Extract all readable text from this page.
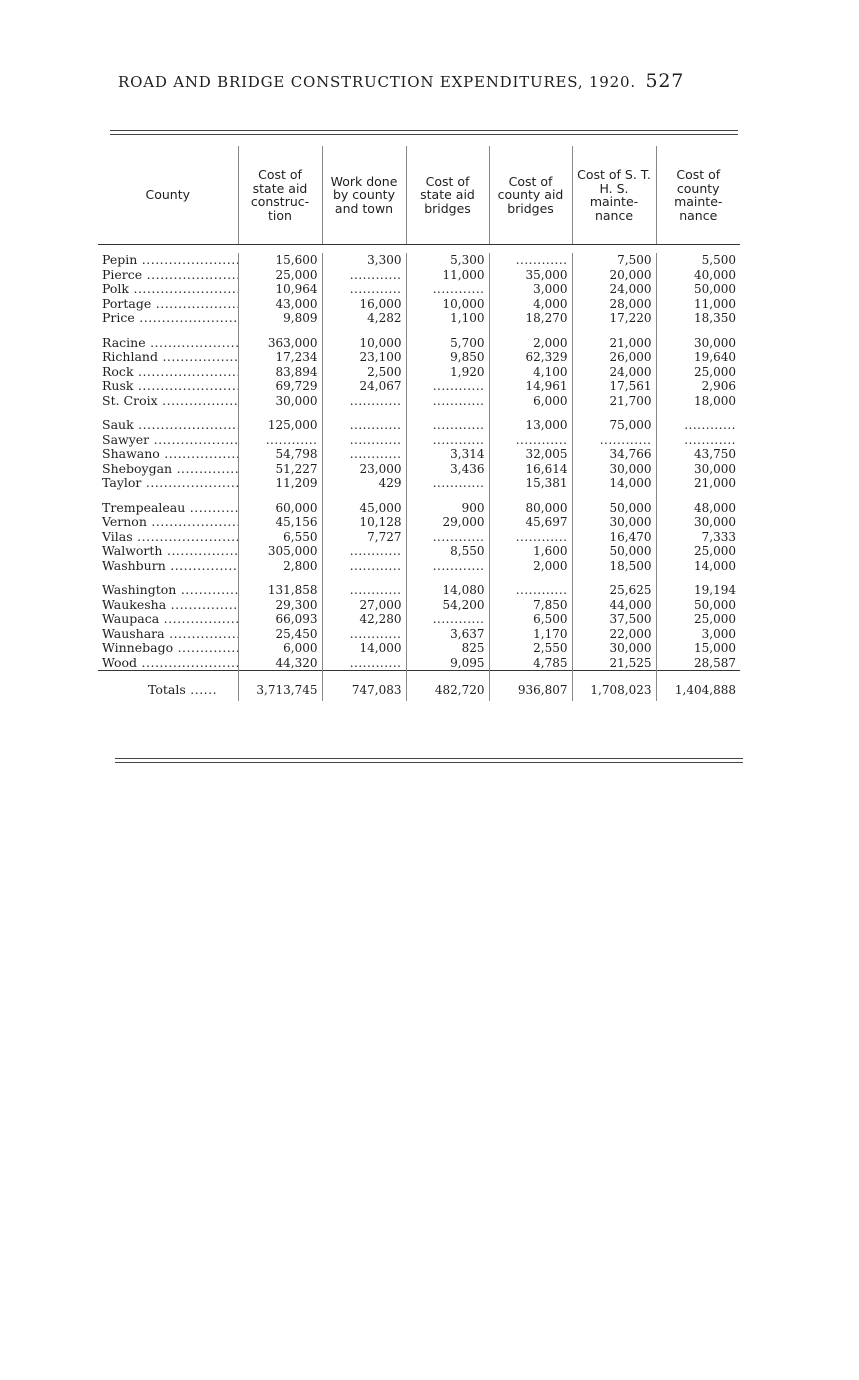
ROAD AND BRIDGE CONSTRUCTION EXPENDITURES, 1920. 527
County	Cost of state aid construc- tion	Work done by county and town	Cost of state aid bridges	Cost of county aid bridges	Cost of S. T. H. S. mainte- nance	Cost of county mainte- nance

Pepin .....	15,600	3,300	5,300	.....	7,500	5,500
Pierce .....	25,000	.....	11,000	35,000	20,000	40,000
Polk .....	10,964	.....	.....	3,000	24,000	50,000
Portage .....	43,000	16,000	10,000	4,000	28,000	11,000
Price .....	9,809	4,282	1,100	18,270	17,220	18,350

Racine .....	363,000	10,000	5,700	2,000	21,000	30,000
Richland .....	17,234	23,100	9,850	62,329	26,000	19,640
Rock .....	83,894	2,500	1,920	4,100	24,000	25,000
Rusk .....	69,729	24,067	.....	14,961	17,561	2,906
St. Croix .....	30,000	.....	.....	6,000	21,700	18,000

Sauk .....	125,000	.....	.....	13,000	75,000	.....
Sawyer .....	.....	.....	.....	.....	.....	.....
Shawano .....	54,798	.....	3,314	32,005	34,766	43,750
Sheboygan .....	51,227	23,000	3,436	16,614	30,000	30,000
Taylor .....	11,209	429	.....	15,381	14,000	21,000

Trempealeau .....	60,000	45,000	900	80,000	50,000	48,000
Vernon .....	45,156	10,128	29,000	45,697	30,000	30,000
Vilas .....	6,550	7,727	.....	.....	16,470	7,333
Walworth .....	305,000	.....	8,550	1,600	50,000	25,000
Washburn .....	2,800	.....	.....	2,000	18,500	14,000

Washington .....	131,858	.....	14,080	.....	25,625	19,194
Waukesha .....	29,300	27,000	54,200	7,850	44,000	50,000
Waupaca .....	66,093	42,280	.....	6,500	37,500	25,000
Waushara .....	25,450	.....	3,637	1,170	22,000	3,000
Winnebago .....	6,000	14,000	825	2,550	30,000	15,000
Wood .....	44,320	.....	9,095	4,785	21,525	28,587
Totals ......	3,713,745	747,083	482,720	936,807	1,708,023	1,404,888
